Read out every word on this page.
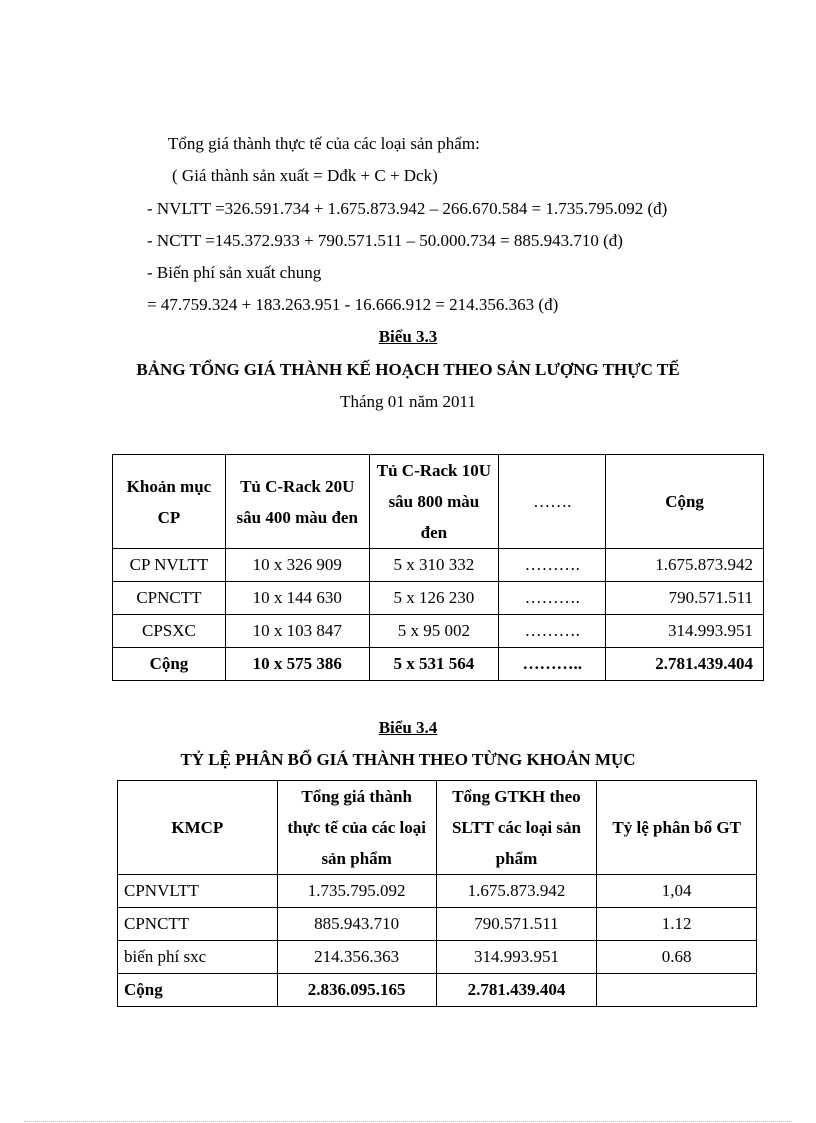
Tổng giá thành thực tế của các loại sản phẩm:
( Giá thành sản xuất = Dđk + C + Dck)
- NVLTT =326.591.734 + 1.675.873.942 – 266.670.584 = 1.735.795.092 (đ)
- NCTT =145.372.933 + 790.571.511 – 50.000.734 = 885.943.710 (đ)
- Biến phí sản xuất chung
= 47.759.324 + 183.263.951 - 16.666.912 = 214.356.363 (đ)
Biểu 3.3
BẢNG TỔNG GIÁ THÀNH KẾ HOẠCH THEO SẢN LƯỢNG THỰC TẾ
Tháng 01 năm 2011
Khoản mục CP	Tủ C-Rack 20U sâu 400 màu đen	Tủ C-Rack 10U sâu 800 màu đen	…….	Cộng
CP NVLTT	10 x 326 909	5 x 310 332	……….	1.675.873.942
CPNCTT	10 x 144 630	5 x 126 230	……….	790.571.511
CPSXC	10 x 103 847	5 x 95 002	……….	314.993.951
Cộng	10 x 575 386	5 x 531 564	………..	2.781.439.404
Biểu 3.4
TỶ LỆ PHÂN BỔ GIÁ THÀNH THEO TỪNG KHOẢN MỤC
KMCP	Tổng giá thành thực tế của các loại sản phẩm	Tổng GTKH theo SLTT các loại sản phẩm	Tỷ lệ phân bổ GT
CPNVLTT	1.735.795.092	1.675.873.942	1,04
CPNCTT	885.943.710	790.571.511	1.12
biến phí sxc	214.356.363	314.993.951	0.68
Cộng	2.836.095.165	2.781.439.404	
